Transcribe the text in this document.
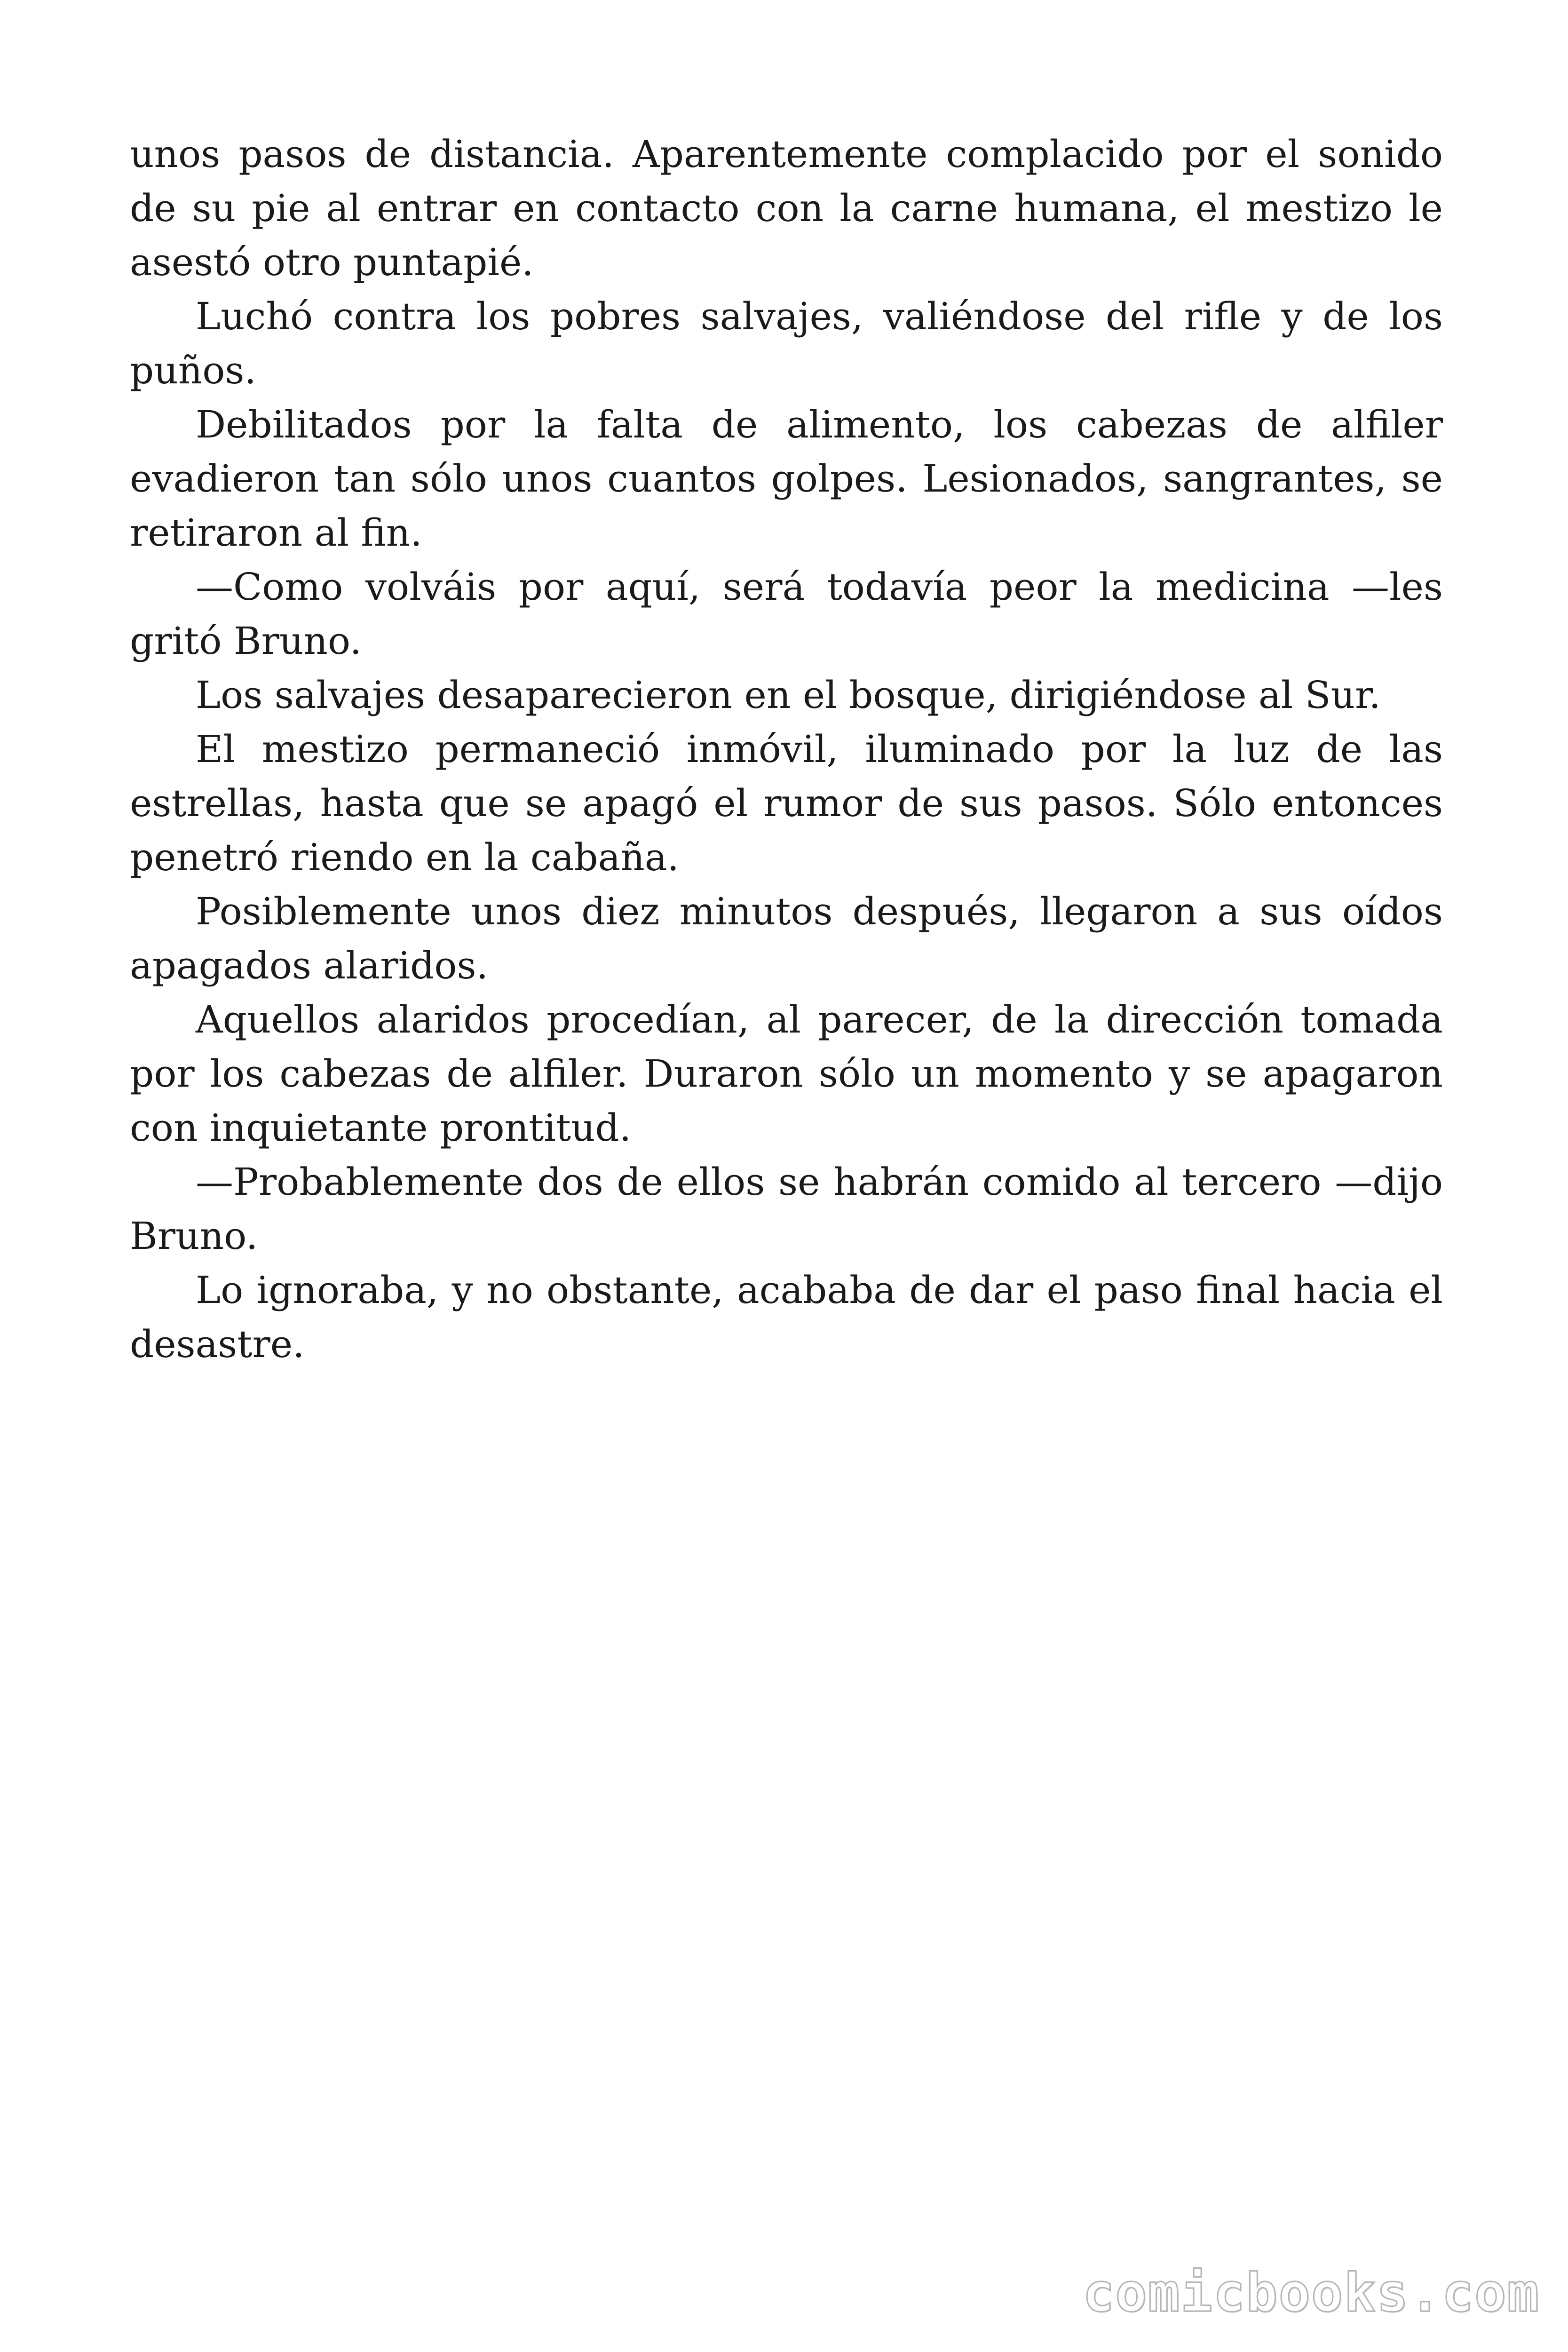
unos pasos de distancia. Aparentemente complacido por el sonido de su pie al entrar en contacto con la carne humana, el mestizo le asestó otro puntapié.

Luchó contra los pobres salvajes, valiéndose del rifle y de los puños.

Debilitados por la falta de alimento, los cabezas de alfiler evadieron tan sólo unos cuantos golpes. Lesionados, sangrantes, se retiraron al fin.

—Como volváis por aquí, será todavía peor la medicina —les gritó Bruno.

Los salvajes desaparecieron en el bosque, dirigiéndose al Sur.

El mestizo permaneció inmóvil, iluminado por la luz de las estrellas, hasta que se apagó el rumor de sus pasos. Sólo entonces penetró riendo en la cabaña.

Posiblemente unos diez minutos después, llegaron a sus oídos apagados alaridos.

Aquellos alaridos procedían, al parecer, de la dirección tomada por los cabezas de alfiler. Duraron sólo un momento y se apagaron con inquietante prontitud.

—Probablemente dos de ellos se habrán comido al tercero —dijo Bruno.

Lo ignoraba, y no obstante, acababa de dar el paso final hacia el desastre.

comicbooks.com
